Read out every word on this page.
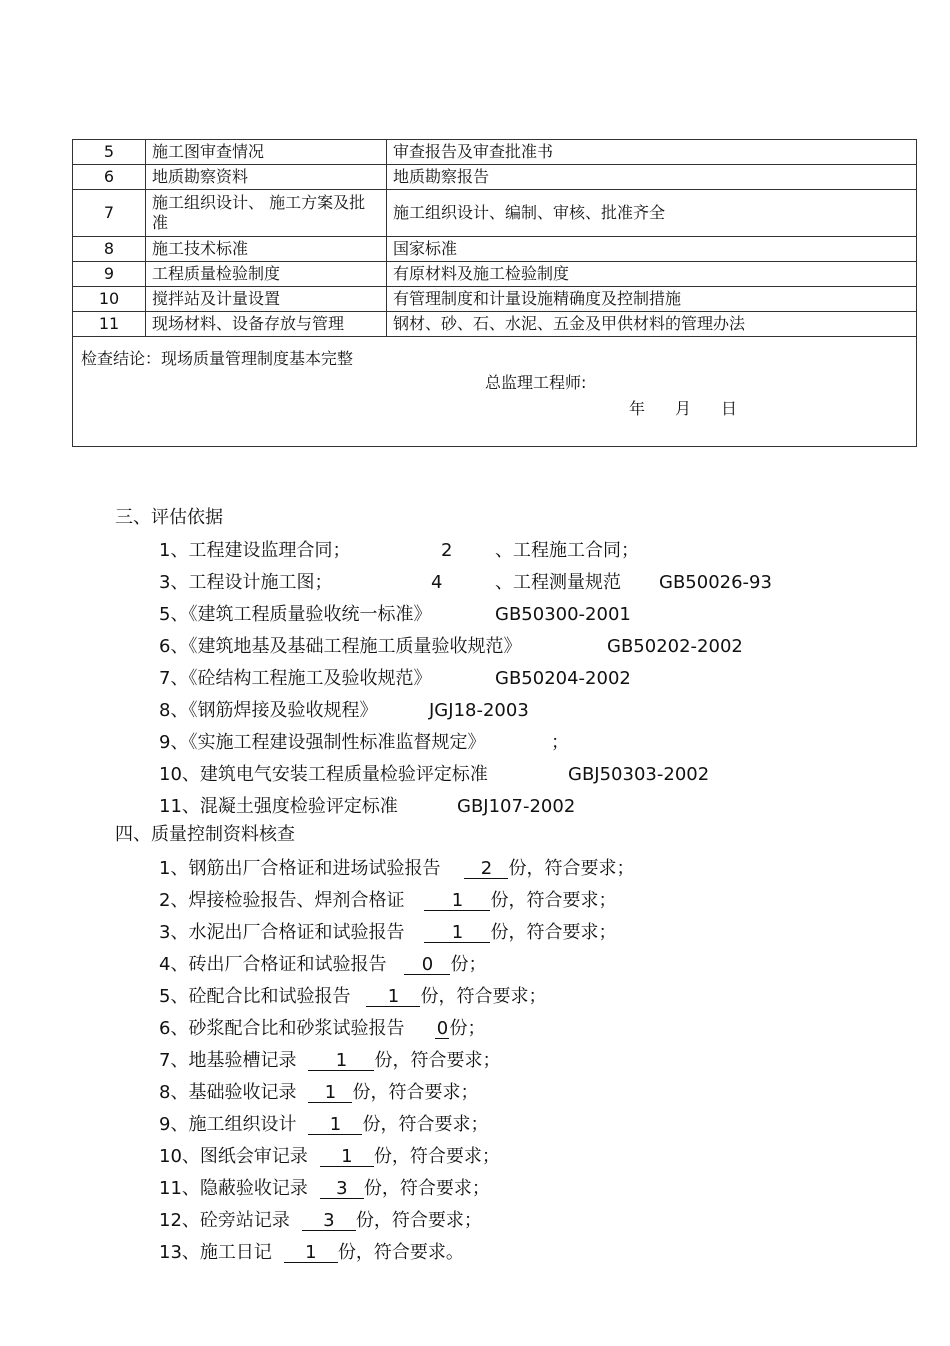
5	施工图审查情况	审查报告及审查批准书
6	地质勘察资料	地质勘察报告
7	施工组织设计、 施工方案及批准	施工组织设计、编制、审核、批准齐全
8	施工技术标准	国家标准
9	工程质量检验制度	有原材料及施工检验制度
10	搅拌站及计量设置	有管理制度和计量设施精确度及控制措施
11	现场材料、设备存放与管理	钢材、砂、石、水泥、五金及甲供材料的管理办法

检查结论：现场质量管理制度基本完整
总监理工程师:
年 月 日		
三、评估依据
1、工程建设监理合同；	2 、工程施工合同；
3、工程设计施工图；	4	、工程测量规范 GB50026-93
5、《建筑工程质量验收统一标准》	GB50300-2001
6、《建筑地基及基础工程施工质量验收规范》	GB50202-2002
7、《砼结构工程施工及验收规范》	GB50204-2002
8、《钢筋焊接及验收规程》	JGJ18-2003
9、《实施工程建设强制性标准监督规定》	；
10、建筑电气安装工程质量检验评定标准	GBJ50303-2002
11、混凝土强度检验评定标准	GBJ107-2002
四、质量控制资料核查
1、钢筋出厂合格证和进场试验报告 2 份，符合要求；
2、焊接检验报告、焊剂合格证	1 份，符合要求；
3、水泥出厂合格证和试验报告	1 份，符合要求；
4、砖出厂合格证和试验报告 0 份；
5、砼配合比和试验报告 1 份，符合要求；
6、砂浆配合比和砂浆试验报告 0份；
7、地基验槽记录 1 份，符合要求；
8、基础验收记录 1 份，符合要求；
9、施工组织设计 1 份，符合要求；
10、图纸会审记录 1 份，符合要求；
11、隐蔽验收记录 3 份，符合要求；
12、砼旁站记录 3 份，符合要求；
13、施工日记 1 份，符合要求。
